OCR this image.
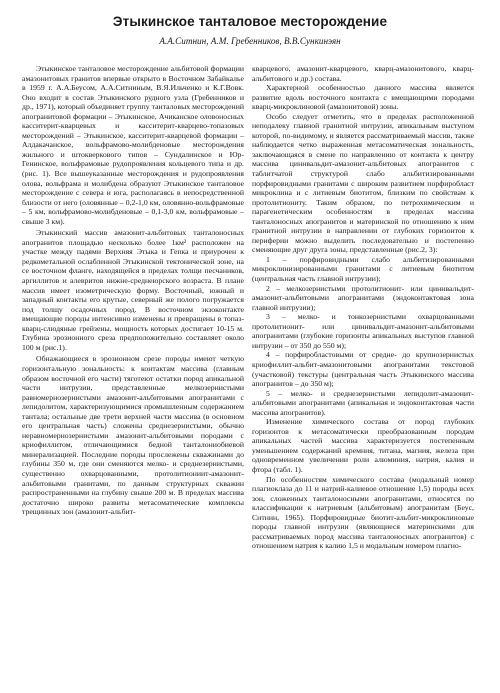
Этыкинское танталовое месторождение
А.А.Ситнин, А.М. Гребенников, В.В.Сункинэян

Этыкинское танталовое месторождение альбитовой формации амазонитовых гранитов впервые открыто в Восточном Забайкалье в 1959 г. А.А.Беусом, А.А.Ситниным, В.Я.Ильченко и К.Г.Вовк. Оно входит в состав Этыкинского рудного узла (Гребенников и др., 1971), который объединяет группу танталовых месторождений апогранитовой формации – Этыкинское, Ачиканское оловоносных касситерит-кварцевых и касситерит-кварцево-топазовых месторождений – Этыкинское, касситерит-кварцевой формации – Алдакачанское, вольфрамово-молибденовые месторождения жильного и штокверкового типов – Сундалинское и Юр-Генинское, вольфрамовые рудопроявления кольцевого типа и др. (рис. 1). Все вышеуказанные месторождения и рудопроявления олова, вольфрама и молибдена образуют Этыкинское танталовое месторождение с севера и юга, располагаясь в непосредственной близости от него (оловянные – 0,2-1,0 км, оловянно-вольфрамовые – 5 км, вольфрамово-молибденовые – 0,1-3,0 км, вольфрамовые – свыше 3 км).

Этыкинский массив амазонит-альбитовых танталоносных апогранитов площадью несколько более 1км² расположен на участке между падями Верхняя Этыка и Гепка и приурочен к редкометальной ослабленной Этыкинской тектонической зоне, на се восточном фланге, находящейся в пределах толщи песчаников, аргиллитов и алевритов нижне-среднеюрского возраста. В плане массив имеет изометрическую форму. Восточный, южный и западный контакты его крутые, северный же пологo погружается под толщу осадочных пород. В восточном экзоконтакте вмещающие породы интенсивно изменены и превращены в топаз-кварц-слюдяные грейзены, мощность которых достигает 10-15 м. Глубина эрозионного среза предположительно составляет около 100 м (рис.1).

Обнажающиеся в эрозионном срезе породы имеют четкую горизонтальную зональность: к контактам массива (главным образом восточной его части) тяготеют остатки пород апикальной части интрузии, представленные мелкозернистыми равномернозернистыми амазонит-альбитовыми апогранитами с лепидолитом, характеризующимися промышленным содержанием тантала; остальные две трети верхней части массива (в основном его центральная часть) сложены среднезернистыми, обычно неравномернозернистыми амазонит-альбитовыми породами с криофиллитом, отличающимися бедной танталониобиевой минерализацией. Последние породы прослежены скважинами до глубины 350 м, где они сменяются мелко- и среднезернистыми, существенно охварцованными, протолитиониит-амазонит-альбитовыми гранитами, по данным структурных скважин распространенными на глубину свыше 200 м. В пределах массива достаточно широко развиты метасоматические комплексы трещинных зон (амазонит-альбит-

кварцевого, амазонит-кварцевого, кварц-амазонитового, кварц-альбитового и др.) состава.

Характерной особенностью данного массива является развитие вдоль восточного контакта с вмещающими породами кварц-микроклиновой (амазонитовой) зоны.

Особо следует отметить, что в пределах расположенной неподалеку главной гранитной интрузии, апикальным выступом которой, по-видимому, и является рассматриваемый массив, также наблюдается четко выраженная метасоматическая зональность, заключающаяся в смене по направлению от контакта к центру массива циннвальдит-амазонит-альбитовых апогранитов с таблитчатой структурой слабо альбитизированными порфировидными гранитами с широким развитием порфиробласт микроклина и с литиевым биотитом, близким по свойствам к протолитиониту. Таким образом, по петрохимическим и парагенетическим особенностям в пределах массива танталоносных апогранитов и материнской по отношению к ним гранитной интрузии в направлении от глубоких горизонтов к периферии можно выделить последовательно и постепенно сменяющие друг друга зоны, представленные (рис.2, 3):

1 – порфировидными слабо альбитизированными микроклинизированными гранитами с литиевым биотитом (центральная часть главной интрузии);

2 – мелкозернистыми протолитионит- или циннвальдит-амазонит-альбитовыми апогранитами (эндоконтактовая зона главной интрузии);

3 – мелко- и тонкозернистыми охварцованными протолитионит- или циннвальдит-амазонит-альбитовыми апогранитами (глубокие горизонты апикальных выступов главной интрузии – от 350 до 550 м);

4 – порфиробластовыми от средне- до крупнозернистых криофиллит-альбит-амазонитовыми апогранитами текстовой (участковой) текстуры (центральная часть Этыкинского массива апогранитов – до 350 м);

5 – мелко- и среднезернистыми лепидолит-амазонит-альбитовыми апогранитами (апикальная и эндоконтактовая части массива апогранитов).

Изменение химического состава от пород глубоких горизонтов к метасоматически преобразованным породам апикальных частей массива характеризуется постепенным уменьшением содержаний кремния, титана, магния, железа при одновременном увеличении роли алюминия, натрия, калия и фтора (табл. 1).

По особенностям химического состава (модальный номер плагиоклаза до 11 и натрий-калиевое отношение 1,5) породы всех зон, сложенных танталоносными апогранитами, относятся по классификации к натриевым (альбитовым) апогранитам (Беус, Ситнин, 1965). Порфировидные биотит-альбит-микроклиновые породы главной интрузии (являющиеся материнскими для рассматриваемых пород массива танталоносных апогранитов) с отношением натрия к калию 1,5 и модальным номером плагио-
